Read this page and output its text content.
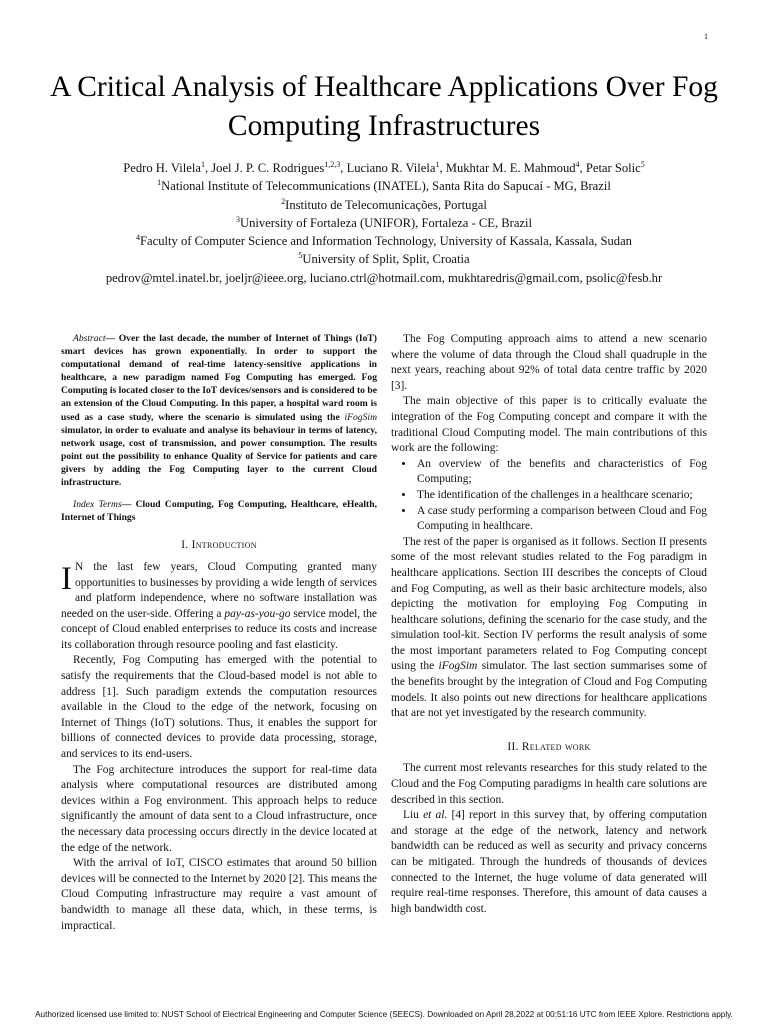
1
A Critical Analysis of Healthcare Applications Over Fog Computing Infrastructures
Pedro H. Vilela$^1$, Joel J. P. C. Rodrigues$^{1,2,3}$, Luciano R. Vilela$^1$, Mukhtar M. E. Mahmoud$^4$, Petar Solic$^5$
$^1$National Institute of Telecommunications (INATEL), Santa Rita do Sapucaí - MG, Brazil
$^2$Instituto de Telecomunicações, Portugal
$^3$University of Fortaleza (UNIFOR), Fortaleza - CE, Brazil
$^4$Faculty of Computer Science and Information Technology, University of Kassala, Kassala, Sudan
$^5$University of Split, Split, Croatia
pedrov@mtel.inatel.br, joeljr@ieee.org, luciano.ctrl@hotmail.com, mukhtaredris@gmail.com, psolic@fesb.hr

Abstract— Over the last decade, the number of Internet of Things (IoT) smart devices has grown exponentially. In order to support the computational demand of real-time latency-sensitive applications in healthcare, a new paradigm named Fog Computing has emerged. Fog Computing is located closer to the IoT devices/sensors and is considered to be an extension of the Cloud Computing. In this paper, a hospital ward room is used as a case study, where the scenario is simulated using the iFogSim simulator, in order to evaluate and analyse its behaviour in terms of latency, network usage, cost of transmission, and power consumption. The results point out the possibility to enhance Quality of Service for patients and care givers by adding the Fog Computing layer to the current Cloud infrastructure.

Index Terms— Cloud Computing, Fog Computing, Healthcare, eHealth, Internet of Things

I. Introduction

I N the last few years, Cloud Computing granted many opportunities to businesses by providing a wide length of services and platform independence, where no software installation was needed on the user-side. Offering a pay-as-you-go service model, the concept of Cloud enabled enterprises to reduce its costs and increase its collaboration through resource pooling and fast elasticity.

Recently, Fog Computing has emerged with the potential to satisfy the requirements that the Cloud-based model is not able to address [1]. Such paradigm extends the computation resources available in the Cloud to the edge of the network, focusing on Internet of Things (IoT) solutions. Thus, it enables the support for billions of connected devices to provide data processing, storage, and services to its end-users.

The Fog architecture introduces the support for real-time data analysis where computational resources are distributed among devices within a Fog environment. This approach helps to reduce significantly the amount of data sent to a Cloud infrastructure, once the necessary data processing occurs directly in the device located at the edge of the network.

With the arrival of IoT, CISCO estimates that around 50 billion devices will be connected to the Internet by 2020 [2]. This means the Cloud Computing infrastructure may require a vast amount of bandwidth to manage all these data, which, in these terms, is impractical.

The Fog Computing approach aims to attend a new scenario where the volume of data through the Cloud shall quadruple in the next years, reaching about 92% of total data centre traffic by 2020 [3].

The main objective of this paper is to critically evaluate the integration of the Fog Computing concept and compare it with the traditional Cloud Computing model. The main contributions of this work are the following:

• An overview of the benefits and characteristics of Fog Computing;
• The identification of the challenges in a healthcare scenario;
• A case study performing a comparison between Cloud and Fog Computing in healthcare.

The rest of the paper is organised as it follows. Section II presents some of the most relevant studies related to the Fog paradigm in healthcare applications. Section III describes the concepts of Cloud and Fog Computing, as well as their basic architecture models, also depicting the motivation for employing Fog Computing in healthcare solutions, defining the scenario for the case study, and the simulation tool-kit. Section IV performs the result analysis of some the most important parameters related to Fog Computing concept using the iFogSim simulator. The last section summarises some of the benefits brought by the integration of Cloud and Fog Computing models. It also points out new directions for healthcare applications that are not yet investigated by the research community.

II. Related work

The current most relevants researches for this study related to the Cloud and the Fog Computing paradigms in health care solutions are described in this section.

Liu et al. [4] report in this survey that, by offering computation and storage at the edge of the network, latency and network bandwidth can be reduced as well as security and privacy concerns can be mitigated. Through the hundreds of thousands of devices connected to the Internet, the huge volume of data generated will require real-time responses. Therefore, this amount of data causes a high bandwidth cost.

Authorized licensed use limited to: NUST School of Electrical Engineering and Computer Science (SEECS). Downloaded on April 28,2022 at 00:51:16 UTC from IEEE Xplore. Restrictions apply.
